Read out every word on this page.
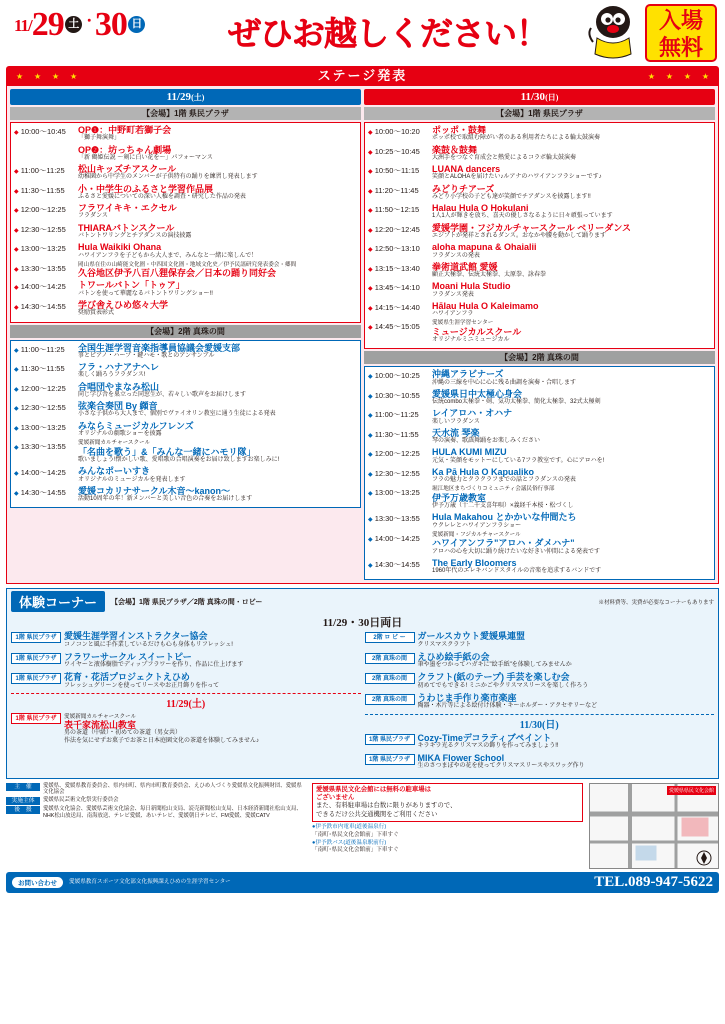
11/29 土 ・30 日	ぜひお越しください！	入場
無料
★ ★ ★ ★	★
★
★
★
ステージ発表
11/29(土)
【会場】1階 県民プラザ
◆ 10:00～10:45	OP❶：中野町若獅子会
「獅子舞演舞」
OP❷：坊っちゃん劇場
「新 鶴姫伝説 ～剣に白い花を～」パフォーマンス
◆ 11:00～11:25	松山キッズチアスクール
幼稚園から中学生のメンバーが子供特有の踊りを練習し発表します
◆ 11:30～11:55	小・中学生のふるさと学習作品展
ふるさと愛媛についての深い人権を調査・研究した作品の発表
◆ 12:00～12:25	フラワイキキ・エクセル
フラダンス
◆ 12:30～12:55	THIARAバトンスクール
バトントワリングとチアダンスの演技披露
◆ 13:00～13:25	Hula Waikiki Ohana
ハワイアンフラを子どもから大人まで、みんなと一緒に楽しんで！
◆ 13:30～13:55	岡山県在住の山崎能文化圏・中四国文化圏・地域文化史／伊予民謡研究発表委会・郷間
久谷地区伊予八百八狸保存会／日本の踊り同好会
◆ 14:00～14:25	トワールバトン「トゥア」
バトンを使って華麗なるバトントワリングショー!!
◆ 14:30～14:55	学び舎えひめ悠々大学
奨励賞表彰式
【会場】2階 真珠の間
◆ 11:00～11:25	全国生涯学習音楽指導員協議会愛媛支部
箏とピアノ・ハープ・鍵ハモ・歌とのアンサンブル
◆ 11:30～11:55	フラ・ハナアナヘレ
楽しく踊ろうフラダンス!
◆ 12:00～12:25	合唱団やまなみ松山
同じ学び舎を巣立った同窓生が、若々しい歌声をお届けします
◆ 12:30～12:55	弦楽合奏団 By 纐音
小さな子供から大人まで、個別でヴァイオリン教室に通う生徒による発表
◆ 13:00～13:25	みならミュージカルフレンズ
オリジナルの劇歌ショーを披露
◆ 13:30～13:55	愛媛新聞カルチャースクール
「名曲を歌う」&「みんな一緒にハモリ隊」
歌いましょう!懐かしい歌、愛唱歌の合唱演奏をお届け致しますお楽しみに!
◆ 14:00～14:25	みんなポーいすき
オリジナルのミュージカルを発表します
◆ 14:30～14:55	愛媛コカリナサークル木音～kanon～
活動10周年の年！新メンバーと美しい音色の合奏をお届けします
11/30(日)
【会場】1階 県民プラザ
◆ 10:00～10:20	ポッポ・鼓舞
ポッポ校で取組む障がい者のある利用者たちによる輪太鼓演奏
◆ 10:25～10:45	楽鼓＆鼓舞
大洲手をつなぐ育成会と熱愛によるコラボ輪太鼓演奏
◆ 10:50～11:15	LUANA dancers
笑顔とALOHAを届けたい♪ルアナのハワイアンフラショーです♪
◆ 11:20～11:45	みどりチアーズ
みどり小学校の子ども達が笑顔でチアダンスを披露します!!
◆ 11:50～12:15	Halau Hula O Hokulani
1人1人が輝きを放ち、喜天の優しさなるように日々頑張っています
◆ 12:20～12:45	愛媛学園・フジカルチャースクール ベリーダンス
エジプトが発祥とされるダンス。おなかや腰を動かして踊ります
◆ 12:50～13:10	aloha mapuna & Ohaialii
フラダンスの発表
◆ 13:15～13:40	拳術道武館 愛媛
顧正大極拳、伝統太極拳、太原拳、詠春拳
◆ 13:45～14:10	Moani Hula Studio
フラダンス発表
◆ 14:15～14:40	Hālau Hula O Kaleimamo
ハワイアンフラ
◆ 14:45～15:05	愛媛県生涯学習センター
ミュージカルスクール
オリジナルミニミュージカル
【会場】2階 真珠の間
◆ 10:00～10:25	沖縄アラビナーズ
沖縄の三線を中心に心に残る曲調を演奏・合唱します
◆ 10:30～10:55	愛媛県日中太極心身会
伝統combo太極拳・剣、気功太極拳、簡化太極拳、32式太極剣
◆ 11:00～11:25	レイアロハ・オハナ
楽しいフラダンス
◆ 11:30～11:55	天水流 琴楽
琴の演奏、歌謡舞踊をお楽しみください
◆ 12:00～12:25	HULA KUMI MIZU
元気・笑顔をモットーにしている7フラ教室です。心にアロハを!
◆ 12:30～12:55	Ka Pā Hula O Kapualiko
フラの魅力とクラクラフまでの話とフラダンスの発表
◆ 13:00～13:25	堀江地区まちづくりコミュニティ会議民俗行事部
伊予万歳教室
伊予万歳（十二千支喜年唄）×義経千本桜・松づくし
◆ 13:30～13:55	Hula Makahou とかかいな仲間たち
ウクレレとハワイアンフラショー
◆ 14:00～14:25	愛媛新聞・フジカルチャースクール
ハワイアンフラ"アロハ・ダメハナ"
アロハの心を大切に踊り続けたいな好きい仲間による発表です
◆ 14:30～14:55	The Early Bloomers
1960年代のエレキバンドスタイルの音楽を追求するバンドです
体験コーナー	【会場】1階 県民プラザ／2階 真珠の間・ロビー	※材料費等、実費が必要なコーナーもあります
11/29・30日両日
1階 県民プラザ 愛媛生涯学習インストラクター協会
コノコンと風に手作業しているだけも心も身体もリフレッシュ!
1階 県民プラザ フラワーサークル スイートピー
ワイヤーと液体樹脂でディップフラワーを作り、作品に仕上げます
1階 県民プラザ 花育・花活プロジェクトえひめ
フレッシュグリーンを使ってリースやお正月飾りを作って
11/29(土)
1階 県民プラザ	愛媛新聞カルチャースクール
表千家流松山教室
男の茶道（中級）・初めての茶道（男女共）
作法を気にせずお菓子でお茶と日本庭園文化の茶道を体験してみません♪
2階 ロ ビ ー	ガールスカウト愛媛県連盟
クリスマスクラフト
2階 真珠の間	えひめ絵手紙の会
筆や墨をつかってハガキに"絵手紙"を体験してみませんか
2階 真珠の間	クラフト(紙のテープ) 手芸を楽しむ会
初めてでもできる! ミニかごやクリスマスリースを楽しく作ろう
2階 真珠の間	うわじま手作り楽市楽座
陶器・木片等による絵付け体験・キーホルダー・アクセサリーなど
11/30(日)
1階 県民プラザ Cozy-Timeデコラティブペイント
キラキラ光るクリスマスの飾りを作ってみましょう!!
1階 県民プラザ MIKA Flower School
生のさつまぼやの花を使ってクリスマスリースやスワッグ作り
主　催	愛媛県、愛媛県教育委員会、県内市町、県内市町教育委員会、えひめ人づくり愛媛県文化振興財団、愛媛県文化協会
実施主体	愛媛県民芸術文化祭実行委員会
後　援	愛媛県文化協会、愛媛県芸術文化協会、毎日新聞松山支局、読売新聞松山支局、日本経済新聞社松山支局、NHK松山放送局、南海放送、テレビ愛媛、あいテレビ、愛媛朝日テレビ、FM愛媛、愛媛CATV
愛媛県県民文化会館には無料の駐車場は
ございません
また、有料駐車場は台数に限りがありますので、
できるだけ公共交通機関をご利用ください
●伊予鉄市内電車(道後温泉行)
「南町･県民文化会館前」下車すぐ
●伊予鉄バス(道後温泉駅前行)
「南町･県民文化会館前」下車すぐ
愛媛県県民文化会館
お問い合わせ	愛媛県教育スポーツ文化部文化振興課えひめの生涯学習センター	TEL.089-947-5622
